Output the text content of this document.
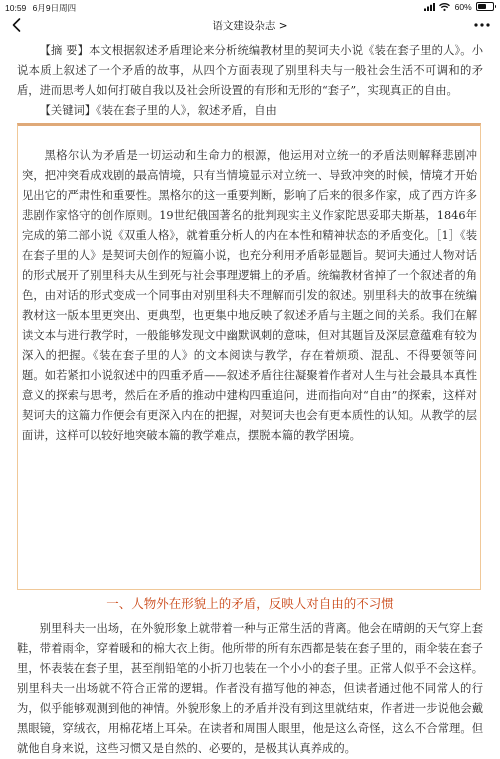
10:59 6月9日周四	60%
语文建设杂志 >

【摘 要】本文根据叙述矛盾理论来分析统编教材里的契诃夫小说《装在套子里的人》。小说本质上叙述了一个矛盾的故事，从四个方面表现了别里科夫与一般社会生活不可调和的矛盾，进而思考人如何打破自我以及社会所设置的有形和无形的“套子”，实现真正的自由。

【关键词】《装在套子里的人》，叙述矛盾，自由

黑格尔认为矛盾是一切运动和生命力的根源，他运用对立统一的矛盾法则解释悲剧冲突，把冲突看成戏剧的最高情境，只有当情境显示对立统一、导致冲突的时候，情境才开始见出它的严肃性和重要性。黑格尔的这一重要判断，影响了后来的很多作家，成了西方许多悲剧作家恪守的创作原则。19世纪俄国著名的批判现实主义作家陀思妥耶夫斯基，1846年完成的第二部小说《双重人格》，就着重分析人的内在本性和精神状态的矛盾变化。［1］《装在套子里的人》是契诃夫创作的短篇小说，也充分利用矛盾彰显题旨。契诃夫通过人物对话的形式展开了别里科夫从生到死与社会事理逻辑上的矛盾。统编教材省掉了一个叙述者的角色，由对话的形式变成一个同事由对别里科夫不理解而引发的叙述。别里科夫的故事在统编教材这一版本里更突出、更典型，也更集中地反映了叙述矛盾与主题之间的关系。我们在解读文本与进行教学时，一般能够发现文中幽默讽刺的意味，但对其题旨及深层意蕴难有较为深入的把握。《装在套子里的人》的文本阅读与教学，存在着烦琐、混乱、不得要领等问题。如若紧扣小说叙述中的四重矛盾——叙述矛盾往往凝聚着作者对人生与社会最具本真性意义的探索与思考，然后在矛盾的推动中建构四重追问，进而指向对“自由”的探索，这样对契诃夫的这篇力作便会有更深入内在的把握，对契诃夫也会有更本质性的认知。从教学的层面讲，这样可以较好地突破本篇的教学难点，摆脱本篇的教学困境。

一、人物外在形貌上的矛盾，反映人对自由的不习惯

别里科夫一出场，在外貌形象上就带着一种与正常生活的背离。他会在晴朗的天气穿上套鞋，带着雨伞，穿着暖和的棉大衣上街。他所带的所有东西都是装在套子里的，雨伞装在套子里，怀表装在套子里，甚至削铅笔的小折刀也装在一个小小的套子里。正常人似乎不会这样。别里科夫一出场就不符合正常的逻辑。作者没有描写他的神态，但读者通过他不同常人的行为，似乎能够观测到他的神情。外貌形象上的矛盾并没有到这里就结束，作者进一步说他会戴黑眼镜，穿绒衣，用棉花堵上耳朵。在读者和周围人眼里，他是这么奇怪，这么不合常理。但就他自身来说，这些习惯又是自然的、必要的，是极其认真养成的。
